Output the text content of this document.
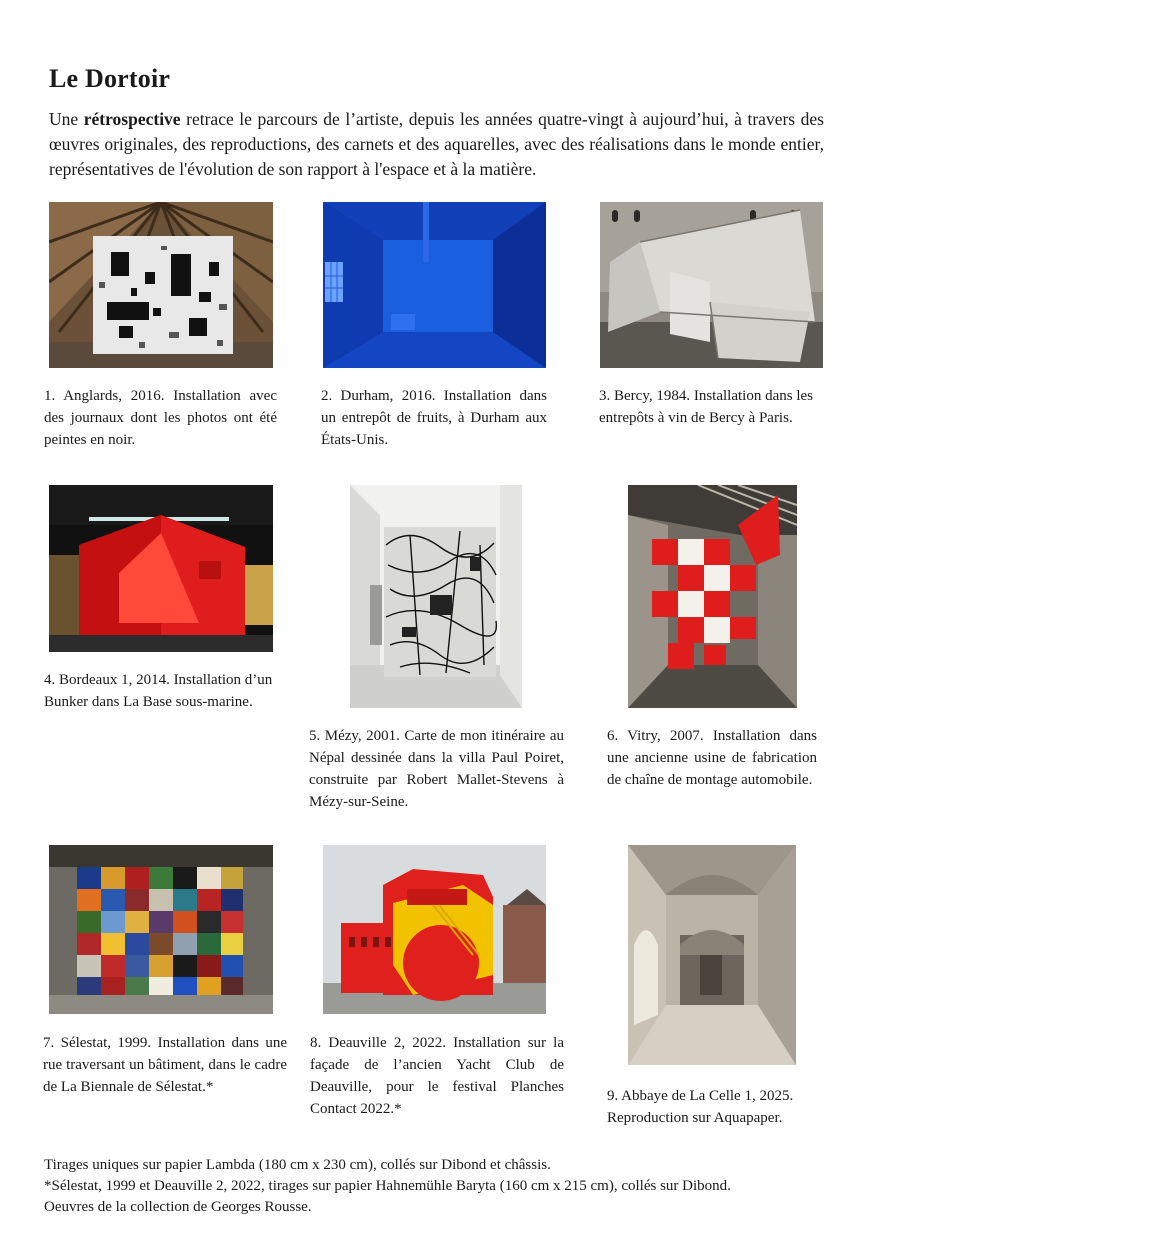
Le Dortoir

Une rétrospective retrace le parcours de l’artiste, depuis les années quatre-vingt à aujourd’hui, à travers des œuvres originales, des reproductions, des carnets et des aquarelles, avec des réalisations dans le monde entier, représentatives de l'évolution de son rapport à l'espace et à la matière.

1. Anglards, 2016. Installation avec des journaux dont les photos ont été peintes en noir.

2. Durham, 2016. Installation dans un entrepôt de fruits, à Durham aux États-Unis.

3. Bercy, 1984. Installation dans les entrepôts à vin de Bercy à Paris.

4. Bordeaux 1, 2014. Installation d’un Bunker dans La Base sous-marine.

5. Mézy, 2001. Carte de mon itinéraire au Népal dessinée dans la villa Paul Poiret, construite par Robert Mallet-Stevens à Mézy-sur-Seine.

6. Vitry, 2007. Installation dans une ancienne usine de fabrication de chaîne de montage automobile.

7. Sélestat, 1999. Installation dans une rue traversant un bâtiment, dans le cadre de La Biennale de Sélestat.*

8. Deauville 2, 2022. Installation sur la façade de l’ancien Yacht Club de Deauville, pour le festival Planches Contact 2022.*

9. Abbaye de La Celle 1, 2025. Reproduction sur Aquapaper.

Tirages uniques sur papier Lambda (180 cm x 230 cm), collés sur Dibond et châssis.

*Sélestat, 1999 et Deauville 2, 2022, tirages sur papier Hahnemühle Baryta (160 cm x 215 cm), collés sur Dibond.

Oeuvres de la collection de Georges Rousse.
